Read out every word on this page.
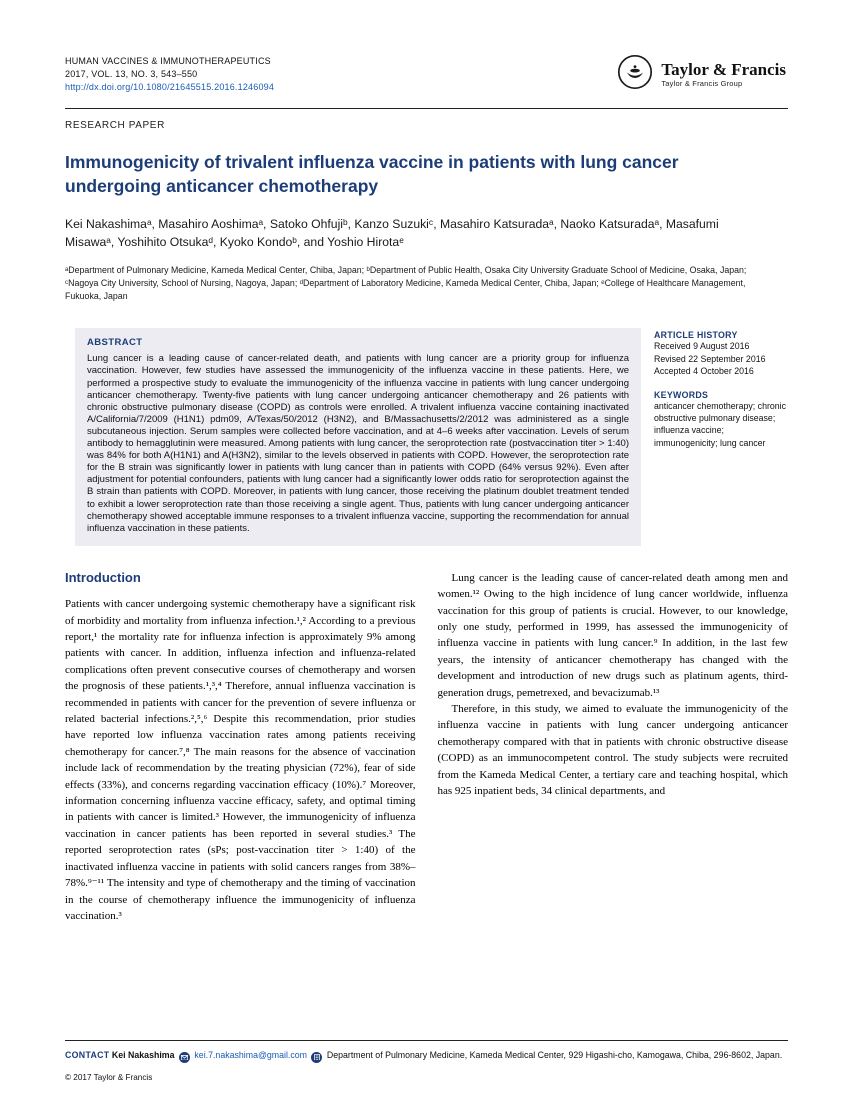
HUMAN VACCINES & IMMUNOTHERAPEUTICS
2017, VOL. 13, NO. 3, 543–550
http://dx.doi.org/10.1080/21645515.2016.1246094
Taylor & Francis
Taylor & Francis Group
RESEARCH PAPER
Immunogenicity of trivalent influenza vaccine in patients with lung cancer undergoing anticancer chemotherapy
Kei Nakashimaᵃ, Masahiro Aoshimaᵃ, Satoko Ohfujiᵇ, Kanzo Suzukiᶜ, Masahiro Katsuradaᵃ, Naoko Katsuradaᵃ, Masafumi Misawaᵃ, Yoshihito Otsukaᵈ, Kyoko Kondoᵇ, and Yoshio Hirotaᵉ
ᵃDepartment of Pulmonary Medicine, Kameda Medical Center, Chiba, Japan; ᵇDepartment of Public Health, Osaka City University Graduate School of Medicine, Osaka, Japan; ᶜNagoya City University, School of Nursing, Nagoya, Japan; ᵈDepartment of Laboratory Medicine, Kameda Medical Center, Chiba, Japan; ᵉCollege of Healthcare Management, Fukuoka, Japan
ABSTRACT

Lung cancer is a leading cause of cancer-related death, and patients with lung cancer are a priority group for influenza vaccination. However, few studies have assessed the immunogenicity of the influenza vaccine in these patients. Here, we performed a prospective study to evaluate the immunogenicity of the influenza vaccine in patients with lung cancer undergoing anticancer chemotherapy. Twenty-five patients with lung cancer undergoing anticancer chemotherapy and 26 patients with chronic obstructive pulmonary disease (COPD) as controls were enrolled. A trivalent influenza vaccine containing inactivated A/California/7/2009 (H1N1) pdm09, A/Texas/50/2012 (H3N2), and B/Massachusetts/2/2012 was administered as a single subcutaneous injection. Serum samples were collected before vaccination, and at 4–6 weeks after vaccination. Levels of serum antibody to hemagglutinin were measured. Among patients with lung cancer, the seroprotection rate (postvaccination titer > 1:40) was 84% for both A(H1N1) and A(H3N2), similar to the levels observed in patients with COPD. However, the seroprotection rate for the B strain was significantly lower in patients with lung cancer than in patients with COPD (64% versus 92%). Even after adjustment for potential confounders, patients with lung cancer had a significantly lower odds ratio for seroprotection against the B strain than patients with COPD. Moreover, in patients with lung cancer, those receiving the platinum doublet treatment tended to exhibit a lower seroprotection rate than those receiving a single agent. Thus, patients with lung cancer undergoing anticancer chemotherapy showed acceptable immune responses to a trivalent influenza vaccine, supporting the recommendation for annual influenza vaccination in these patients.

ARTICLE HISTORY
Received 9 August 2016
Revised 22 September 2016
Accepted 4 October 2016
KEYWORDS
anticancer chemotherapy; chronic obstructive pulmonary disease; influenza vaccine; immunogenicity; lung cancer
Introduction

Patients with cancer undergoing systemic chemotherapy have a significant risk of morbidity and mortality from influenza infection.¹,² According to a previous report,¹ the mortality rate for influenza infection is approximately 9% among patients with cancer. In addition, influenza infection and influenza-related complications often prevent consecutive courses of chemotherapy and worsen the prognosis of these patients.¹,³,⁴ Therefore, annual influenza vaccination is recommended in patients with cancer for the prevention of severe influenza or related bacterial infections.²,⁵,⁶ Despite this recommendation, prior studies have reported low influenza vaccination rates among patients receiving chemotherapy for cancer.⁷,⁸ The main reasons for the absence of vaccination include lack of recommendation by the treating physician (72%), fear of side effects (33%), and concerns regarding vaccination efficacy (10%).⁷ Moreover, information concerning influenza vaccine efficacy, safety, and optimal timing in patients with cancer is limited.³ However, the immunogenicity of influenza vaccination in cancer patients has been reported in several studies.³ The reported seroprotection rates (sPs; post-vaccination titer > 1:40) of the inactivated influenza vaccine in patients with solid cancers ranges from 38%–78%.⁹⁻¹¹ The intensity and type of chemotherapy and the timing of vaccination in the course of chemotherapy influence the immunogenicity of influenza vaccination.³

Lung cancer is the leading cause of cancer-related death among men and women.¹² Owing to the high incidence of lung cancer worldwide, influenza vaccination for this group of patients is crucial. However, to our knowledge, only one study, performed in 1999, has assessed the immunogenicity of influenza vaccine in patients with lung cancer.⁹ In addition, in the last few years, the intensity of anticancer chemotherapy has changed with the development and introduction of new drugs such as platinum agents, third-generation drugs, pemetrexed, and bevacizumab.¹³

Therefore, in this study, we aimed to evaluate the immunogenicity of the influenza vaccine in patients with lung cancer undergoing anticancer chemotherapy compared with that in patients with chronic obstructive disease (COPD) as an immunocompetent control. The study subjects were recruited from the Kameda Medical Center, a tertiary care and teaching hospital, which has 925 inpatient beds, 34 clinical departments, and

CONTACT Kei Nakashima kei.7.nakashima@gmail.com Department of Pulmonary Medicine, Kameda Medical Center, 929 Higashi-cho, Kamogawa, Chiba, 296-8602, Japan.
© 2017 Taylor & Francis
